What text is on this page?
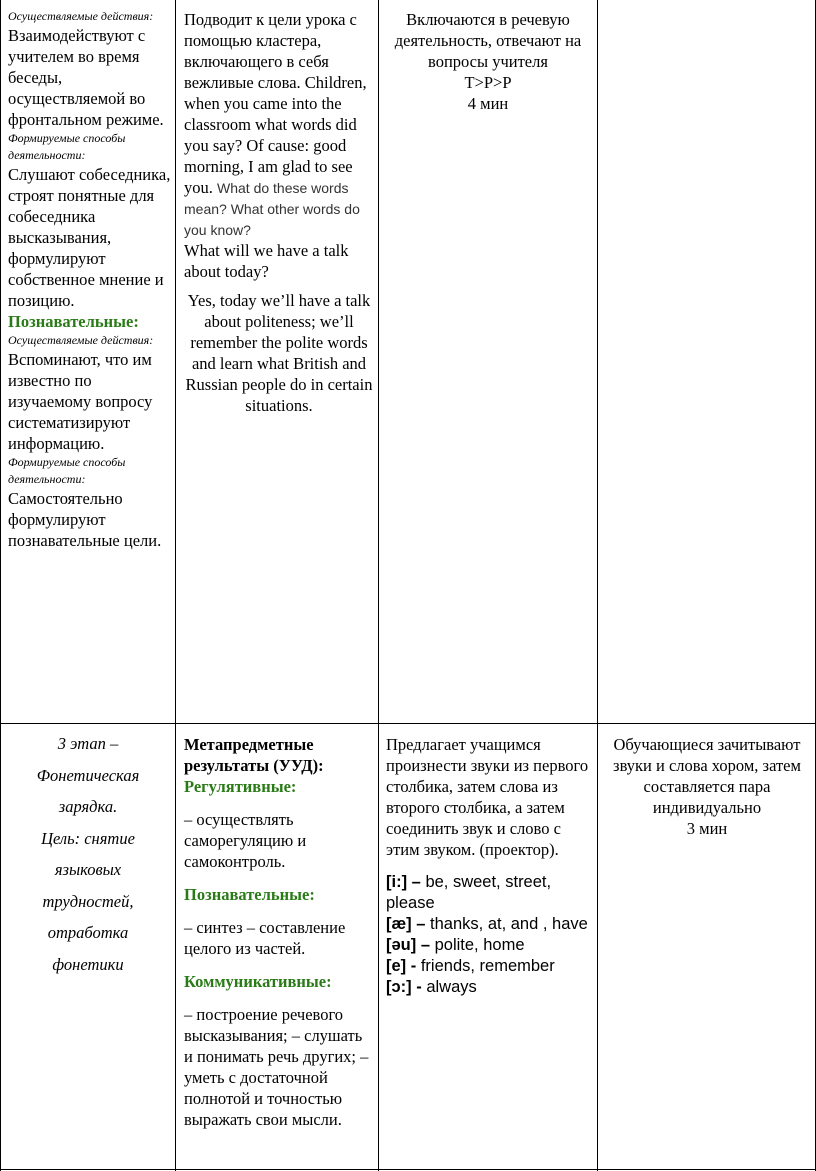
Осуществляемые действия:
Взаимодействуют с учителем во время беседы, осуществляемой во фронтальном режиме.
Формируемые способы деятельности:
Слушают собеседника, строят понятные для собеседника высказывания, формулируют собственное мнение и позицию.
Познавательные:
Осуществляемые действия:
Вспоминают, что им известно по изучаемому вопросу систематизируют информацию.
Формируемые способы деятельности:
Самостоятельно формулируют познавательные цели.
Подводит к цели урока с помощью кластера, включающего в себя вежливые слова. Children, when you came into the classroom what words did you say? Of cause: good morning, I am glad to see you. What do these words mean? What other words do you know?
What will we have a talk about today?
Yes, today we’ll have a talk about politeness; we’ll remember the polite words and learn what British and Russian people do in certain situations.
Включаются в речевую деятельность, отвечают на вопросы учителя
Т>Р>Р
4 мин
3 этап –
Фонетическая
зарядка.
Цель: снятие
языковых
трудностей,
отработка
фонетики
Метапредметные результаты (УУД):
Регулятивные:
– осуществлять саморегуляцию и самоконтроль.
Познавательные:
– синтез – составление целого из частей.
Коммуникативные:
– построение речевого высказывания; – слушать и понимать речь других; – уметь с достаточной полнотой и точностью выражать свои мысли.
Предлагает учащимся произнести звуки из первого столбика, затем слова из второго столбика, а затем соединить звук и слово с этим звуком. (проектор).
[i:] – be, sweet, street, please
[æ] – thanks, at, and , have
[əu] – polite, home
[e] - friends, remember
[ɔ:] - always
Обучающиеся зачитывают звуки и слова хором, затем составляется пара индивидуально
3 мин
